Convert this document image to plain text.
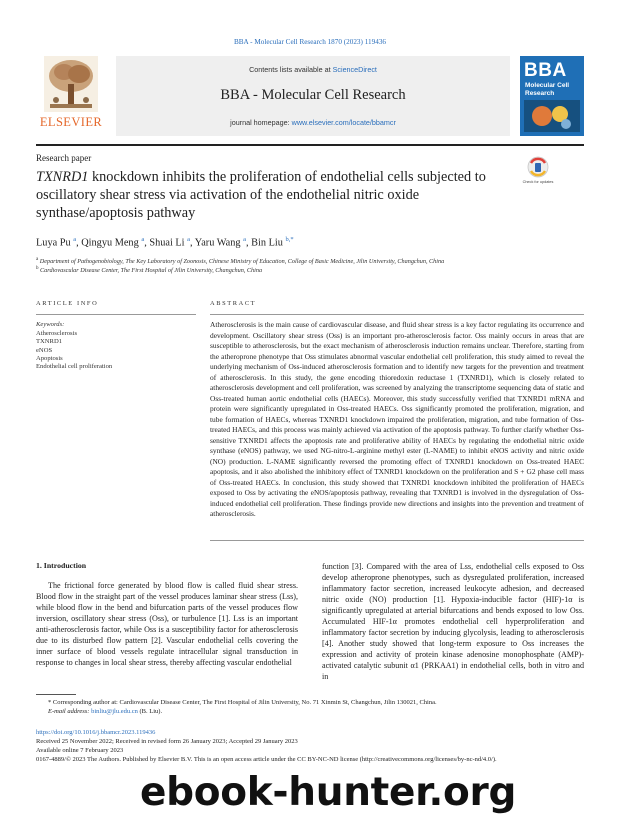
BBA - Molecular Cell Research 1870 (2023) 119436
ELSEVIER
Contents lists available at ScienceDirect
BBA - Molecular Cell Research
journal homepage: www.elsevier.com/locate/bbamcr
BBA
Molecular Cell Research
Research paper
Check for updates
TXNRD1 knockdown inhibits the proliferation of endothelial cells subjected to oscillatory shear stress via activation of the endothelial nitric oxide synthase/apoptosis pathway
Luya Pu $^a$, Qingyu Meng $^a$, Shuai Li $^a$, Yaru Wang $^a$, Bin Liu $^{b,*}$
$^a$ Department of Pathogenobiology, The Key Laboratory of Zoonosis, Chinese Ministry of Education, College of Basic Medicine, Jilin University, Changchun, China
$^b$ Cardiovascular Disease Center, The First Hospital of Jilin University, Changchun, China
ARTICLE INFO	ABSTRACT
Keywords:
Atherosclerosis
TXNRD1
eNOS
Apoptosis
Endothelial cell proliferation

Atherosclerosis is the main cause of cardiovascular disease, and fluid shear stress is a key factor regulating its occurrence and development. Oscillatory shear stress (Oss) is an important pro-atherosclerosis factor. Oss mainly occurs in areas that are susceptible to atherosclerosis, but the exact mechanism of atherosclerosis induction remains unclear. Therefore, starting from the atheroprone phenotype that Oss stimulates abnormal vascular endothelial cell proliferation, this study aimed to reveal the underlying mechanism of Oss-induced atherosclerosis formation and to identify new targets for the prevention and treatment of atherosclerosis. In this study, the gene encoding thioredoxin reductase 1 (TXNRD1), which is closely related to atherosclerosis development and cell proliferation, was screened by analyzing the transcriptome sequencing data of static and Oss-treated human aortic endothelial cells (HAECs). Moreover, this study successfully verified that TXNRD1 mRNA and protein were significantly upregulated in Oss-treated HAECs. Oss significantly promoted the proliferation, migration, and tube formation of HAECs, whereas TXNRD1 knockdown impaired the proliferation, migration, and tube formation of Oss-treated HAECs, and this process was mainly achieved via activation of the apoptosis pathway. To further clarify whether Oss-sensitive TXNRD1 affects the apoptosis rate and proliferative ability of HAECs by regulating the endothelial nitric oxide synthase (eNOS) pathway, we used NG-nitro-L-arginine methyl ester (L-NAME) to inhibit eNOS activity and nitric oxide (NO) production. L-NAME significantly reversed the promoting effect of TXNRD1 knockdown on Oss-treated HAEC apoptosis, and it also abolished the inhibitory effect of TXNRD1 knockdown on the proliferation and S + G2 phase cell mass of Oss-treated HAECs. In conclusion, this study showed that TXNRD1 knockdown inhibited the proliferation of HAECs exposed to Oss by activating the eNOS/apoptosis pathway, revealing that TXNRD1 is involved in the dysregulation of Oss-induced endothelial cell proliferation. These findings provide new directions and insights into the prevention and treatment of atherosclerosis.

1. Introduction

The frictional force generated by blood flow is called fluid shear stress. Blood flow in the straight part of the vessel produces laminar shear stress (Lss), while blood flow in the bend and bifurcation parts of the vessel produces flow inversion, oscillatory shear stress (Oss), or turbulence [1]. Lss is an important anti-atherosclerosis factor, while Oss is a susceptibility factor for atherosclerosis due to its disturbed flow pattern [2]. Vascular endothelial cells covering the inner surface of blood vessels regulate intracellular signal transduction in response to changes in local shear stress, thereby affecting vascular endothelial

function [3]. Compared with the area of Lss, endothelial cells exposed to Oss develop atheroprone phenotypes, such as dysregulated proliferation, increased inflammatory factor secretion, increased leukocyte adhesion, and decreased nitric oxide (NO) production [1]. Hypoxia-inducible factor (HIF)-1α is significantly upregulated at arterial bifurcations and bends exposed to low Oss. Accumulated HIF-1α promotes endothelial cell hyperproliferation and inflammatory factor secretion by inducing glycolysis, leading to atherosclerosis [4]. Another study showed that long-term exposure to Oss increases the expression and activity of protein kinase adenosine monophosphate (AMP)-activated catalytic subunit α1 (PRKAA1) in endothelial cells, both in vitro and in

* Corresponding author at: Cardiovascular Disease Center, The First Hospital of Jilin University, No. 71 Xinmin St, Changchun, Jilin 130021, China.
E-mail address: binliu@jlu.edu.cn (B. Liu).
https://doi.org/10.1016/j.bbamcr.2023.119436
Received 25 November 2022; Received in revised form 26 January 2023; Accepted 29 January 2023
Available online 7 February 2023
0167-4889/© 2023 The Authors. Published by Elsevier B.V. This is an open access article under the CC BY-NC-ND license (http://creativecommons.org/licenses/by-nc-nd/4.0/).
ebook-hunter.org
